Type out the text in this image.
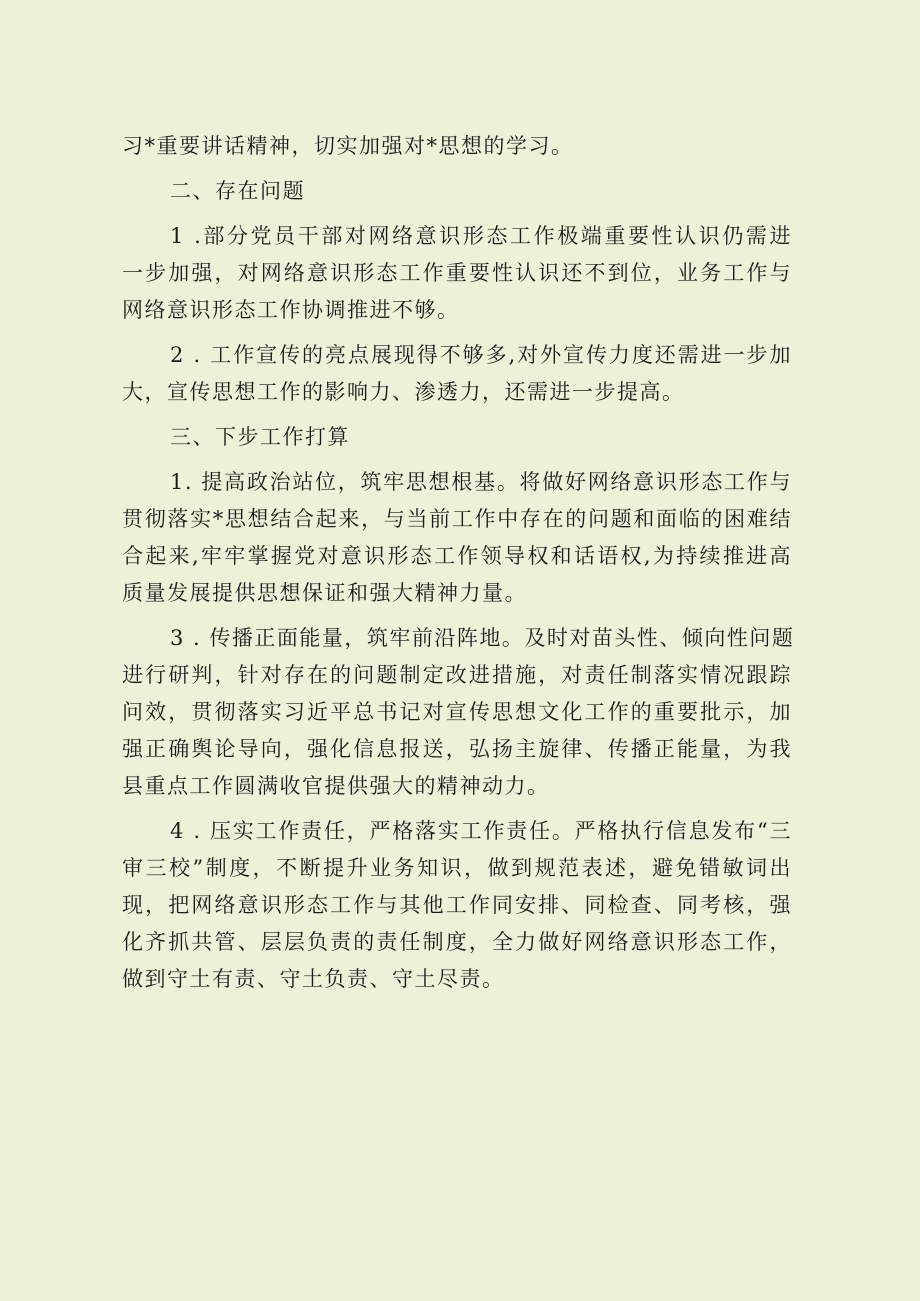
习*重要讲话精神，切实加强对*思想的学习。
二、存在问题
1 .部分党员干部对网络意识形态工作极端重要性认识仍需进
一步加强，对网络意识形态工作重要性认识还不到位，业务工作与
网络意识形态工作协调推进不够。
2 . 工作宣传的亮点展现得不够多,对外宣传力度还需进一步加
大，宣传思想工作的影响力、渗透力，还需进一步提高。
三、下步工作打算
1. 提高政治站位，筑牢思想根基。将做好网络意识形态工作与
贯彻落实*思想结合起来，与当前工作中存在的问题和面临的困难结
合起来,牢牢掌握党对意识形态工作领导权和话语权,为持续推进高
质量发展提供思想保证和强大精神力量。
3 . 传播正面能量，筑牢前沿阵地。及时对苗头性、倾向性问题
进行研判，针对存在的问题制定改进措施，对责任制落实情况跟踪
问效，贯彻落实习近平总书记对宣传思想文化工作的重要批示，加
强正确舆论导向，强化信息报送，弘扬主旋律、传播正能量，为我
县重点工作圆满收官提供强大的精神动力。
4 . 压实工作责任，严格落实工作责任。严格执行信息发布“三
审三校”制度，不断提升业务知识，做到规范表述，避免错敏词出
现，把网络意识形态工作与其他工作同安排、同检查、同考核，强
化齐抓共管、层层负责的责任制度，全力做好网络意识形态工作，
做到守土有责、守土负责、守土尽责。
